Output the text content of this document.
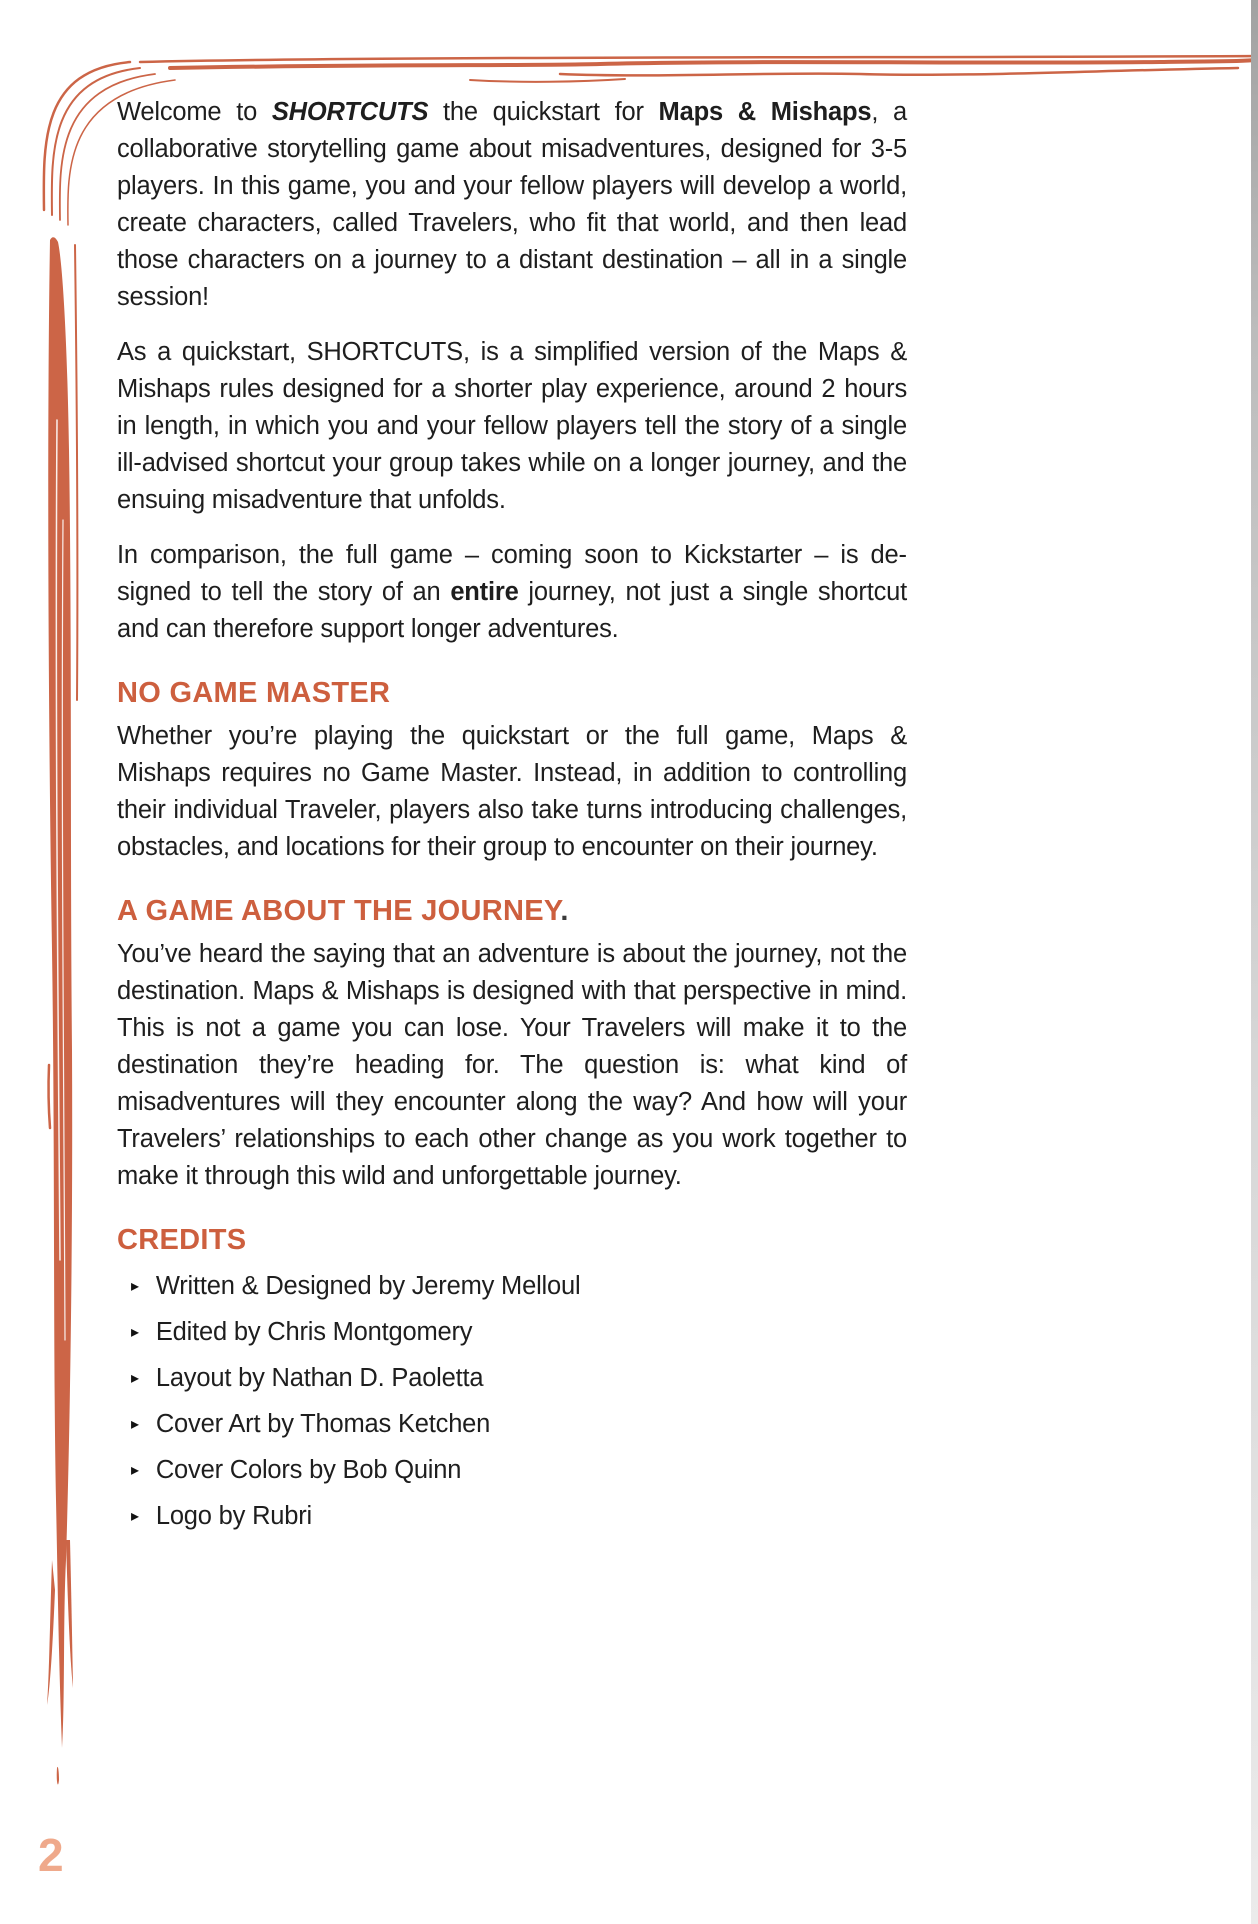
Welcome to SHORTCUTS the quickstart for Maps & Mishaps, a collaborative storytelling game about misadventures, designed for 3-5 players. In this game, you and your fellow players will develop a world, create characters, called Travelers, who fit that world, and then lead those characters on a journey to a distant destination – all in a single session!

As a quickstart, SHORTCUTS, is a simplified version of the Maps & Mishaps rules designed for a shorter play experience, around 2 hours in length, in which you and your fellow players tell the story of a single ill-advised shortcut your group takes while on a longer journey, and the ensuing misadventure that unfolds.

In comparison, the full game – coming soon to Kickstarter – is designed to tell the story of an entire journey, not just a single shortcut and can therefore support longer adventures.

NO GAME MASTER

Whether you’re playing the quickstart or the full game, Maps & Mishaps requires no Game Master. Instead, in addition to controlling their individual Traveler, players also take turns introducing challenges, obstacles, and locations for their group to encounter on their journey.

A GAME ABOUT THE JOURNEY.

You’ve heard the saying that an adventure is about the journey, not the destination. Maps & Mishaps is designed with that perspective in mind. This is not a game you can lose. Your Travelers will make it to the destination they’re heading for. The question is: what kind of misadventures will they encounter along the way? And how will your Travelers’ relationships to each other change as you work together to make it through this wild and unforgettable journey.

CREDITS
▸ Written & Designed by Jeremy Melloul
▸ Edited by Chris Montgomery
▸ Layout by Nathan D. Paoletta
▸ Cover Art by Thomas Ketchen
▸ Cover Colors by Bob Quinn
▸ Logo by Rubri
2
